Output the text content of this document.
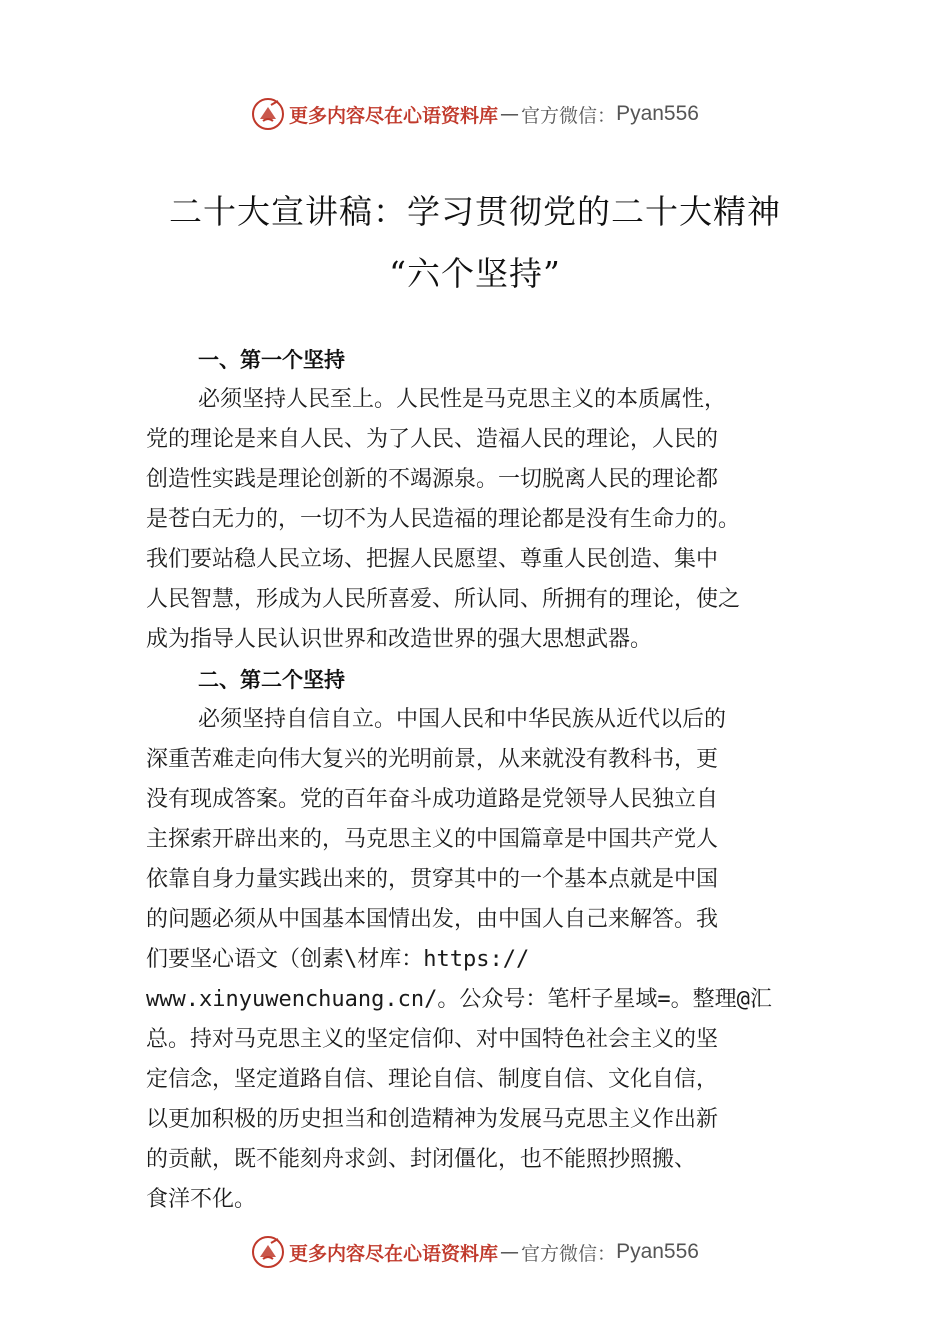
更多内容尽在心语资料库 — 官方微信： Pyan556
二十大宣讲稿：学习贯彻党的二十大精神
“六个坚持”
一、第一个坚持
必须坚持人民至上。人民性是马克思主义的本质属性，
党的理论是来自人民、为了人民、造福人民的理论，人民的
创造性实践是理论创新的不竭源泉。一切脱离人民的理论都
是苍白无力的，一切不为人民造福的理论都是没有生命力的。
我们要站稳人民立场、把握人民愿望、尊重人民创造、集中
人民智慧，形成为人民所喜爱、所认同、所拥有的理论，使之
成为指导人民认识世界和改造世界的强大思想武器。
二、第二个坚持
必须坚持自信自立。中国人民和中华民族从近代以后的
深重苦难走向伟大复兴的光明前景，从来就没有教科书，更
没有现成答案。党的百年奋斗成功道路是党领导人民独立自
主探索开辟出来的，马克思主义的中国篇章是中国共产党人
依靠自身力量实践出来的，贯穿其中的一个基本点就是中国
的问题必须从中国基本国情出发，由中国人自己来解答。我
们要坚心语文（创素\材库：https://
www.xinyuwenchuang.cn/。公众号：笔杆子星域=。整理@汇
总。持对马克思主义的坚定信仰、对中国特色社会主义的坚
定信念，坚定道路自信、理论自信、制度自信、文化自信，
以更加积极的历史担当和创造精神为发展马克思主义作出新
的贡献，既不能刻舟求剑、封闭僵化，也不能照抄照搬、
食洋不化。
更多内容尽在心语资料库 — 官方微信： Pyan556
